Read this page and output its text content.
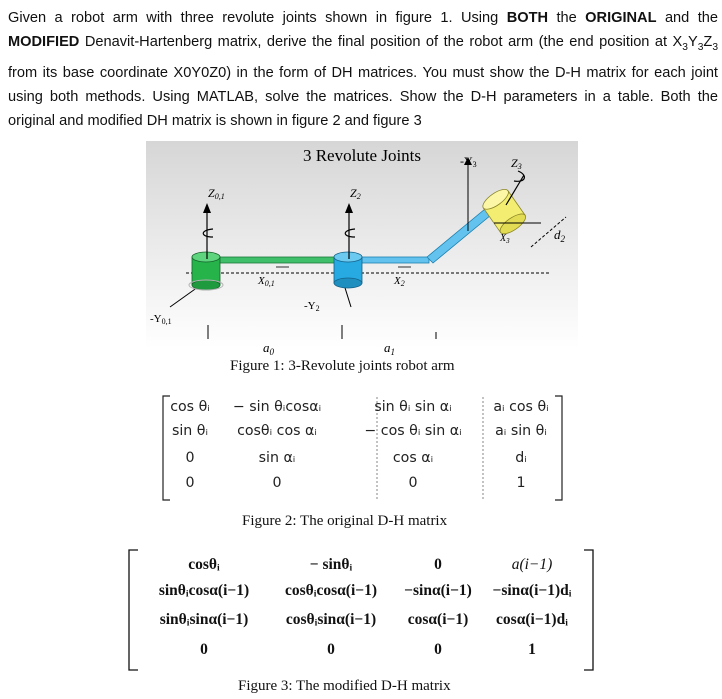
Given a robot arm with three revolute joints shown in figure 1. Using BOTH the ORIGINAL and the MODIFIED Denavit-Hartenberg matrix, derive the final position of the robot arm (the end position at $X_3Y_3Z_3$ from its base coordinate X0Y0Z0) in the form of DH matrices. You must show the D-H matrix for each joint using both methods. Using MATLAB, solve the matrices. Show the D-H parameters in a table. Both the original and modified DH matrix is shown in figure 2 and figure 3
3 Revolute Joints
Z0,1	Z2
X0,1	X2
-Y0,1
-Y2
-Y3	Z3
$X_3$	$d_2$
$a_0$	$a_1$
Figure 1: 3-Revolute joints robot arm
cos θᵢ	− sin θᵢcosαᵢ	sin θᵢ sin αᵢ	aᵢ cos θᵢ
sin θᵢ	cosθᵢ cos αᵢ	− cos θᵢ sin αᵢ	aᵢ sin θᵢ
0	sin αᵢ	cos αᵢ	dᵢ
0	0	0	1
Figure 2: The original D-H matrix
cosθᵢ	− sinθᵢ	0	a(i−1)
sinθᵢcosα(i−1)	cosθᵢcosα(i−1)	−sinα(i−1)	−sinα(i−1)dᵢ
sinθᵢsinα(i−1)	cosθᵢsinα(i−1)	cosα(i−1)	cosα(i−1)dᵢ
0	0	0	1
Figure 3: The modified D-H matrix
